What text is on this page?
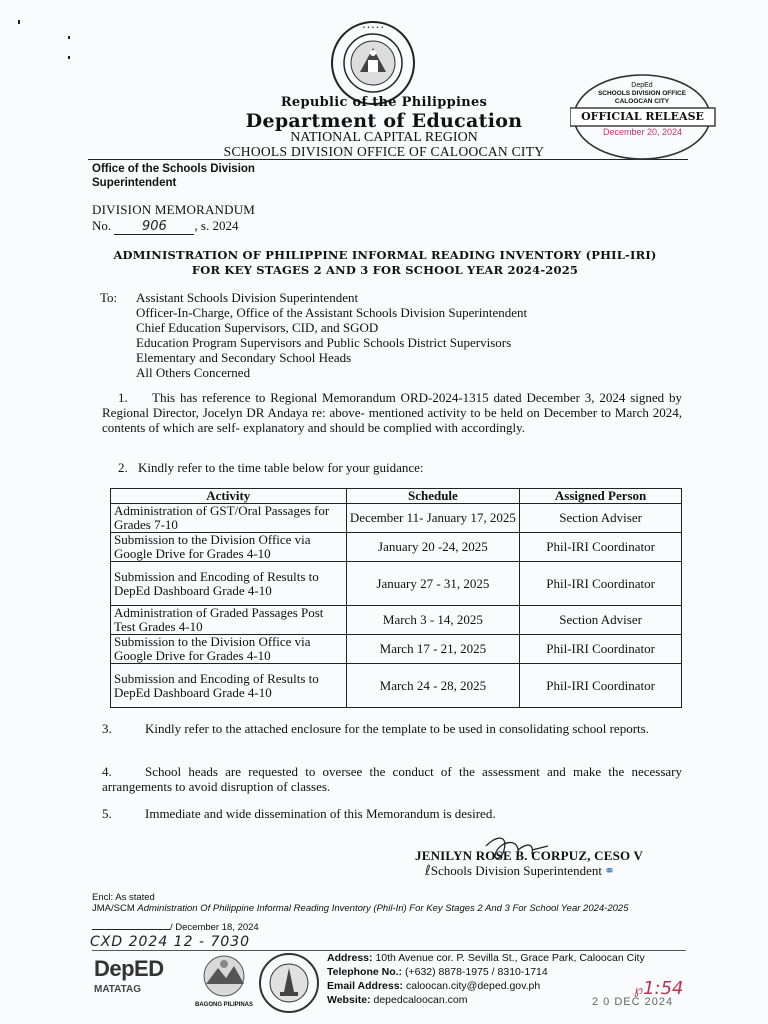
• • • • •
Republic of the Philippines
Department of Education
NATIONAL CAPITAL REGION
SCHOOLS DIVISION OFFICE OF CALOOCAN CITY
DepEd
SCHOOLS DIVISION OFFICE
CALOOCAN CITY
OFFICIAL RELEASE
December 20, 2024
Office of the Schools Division
Superintendent
DIVISION MEMORANDUM
No. 906 , s. 2024
ADMINISTRATION OF PHILIPPINE INFORMAL READING INVENTORY (PHIL-IRI)
FOR KEY STAGES 2 AND 3 FOR SCHOOL YEAR 2024-2025
To: Assistant Schools Division Superintendent
Officer-In-Charge, Office of the Assistant Schools Division Superintendent
Chief Education Supervisors, CID, and SGOD
Education Program Supervisors and Public Schools District Supervisors
Elementary and Secondary School Heads
All Others Concerned
1. This has reference to Regional Memorandum ORD-2024-1315 dated December 3, 2024 signed by Regional Director, Jocelyn DR Andaya re: above- mentioned activity to be held on December to March 2024, contents of which are self- explanatory and should be complied with accordingly.
2. Kindly refer to the time table below for your guidance:
Activity	Schedule	Assigned Person
Administration of GST/Oral Passages for Grades 7-10	December 11- January 17, 2025	Section Adviser
Submission to the Division Office via Google Drive for Grades 4-10	January 20 -24, 2025	Phil-IRI Coordinator
Submission and Encoding of Results to DepEd Dashboard Grade 4-10	January 27 - 31, 2025	Phil-IRI Coordinator
Administration of Graded Passages Post Test Grades 4-10	March 3 - 14, 2025	Section Adviser
Submission to the Division Office via Google Drive for Grades 4-10	March 17 - 21, 2025	Phil-IRI Coordinator
Submission and Encoding of Results to DepEd Dashboard Grade 4-10	March 24 - 28, 2025	Phil-IRI Coordinator
3.	Kindly refer to the attached enclosure for the template to be used in consolidating school reports.
4.	School heads are requested to oversee the conduct of the assessment and make the necessary arrangements to avoid disruption of classes.
5.	Immediate and wide dissemination of this Memorandum is desired.
JENILYN ROSE B. CORPUZ, CESO V
ℓSchools Division Superintendent ⚭
Encl: As stated
JMA/SCM Administration Of Philippine Informal Reading Inventory (Phil-Iri) For Key Stages 2 And 3 For School Year 2024-2025
/ December 18, 2024
CXD 2024 12 - 7030
DepED
MATATAG
BAGONG PILIPINAS
Address: 10th Avenue cor. P. Sevilla St., Grace Park, Caloocan City
Telephone No.: (+632) 8878-1975 / 8310-1714
Email Address: caloocan.city@deped.gov.ph
Website: depedcaloocan.com
℘1:54
2 0 DEC 2024
